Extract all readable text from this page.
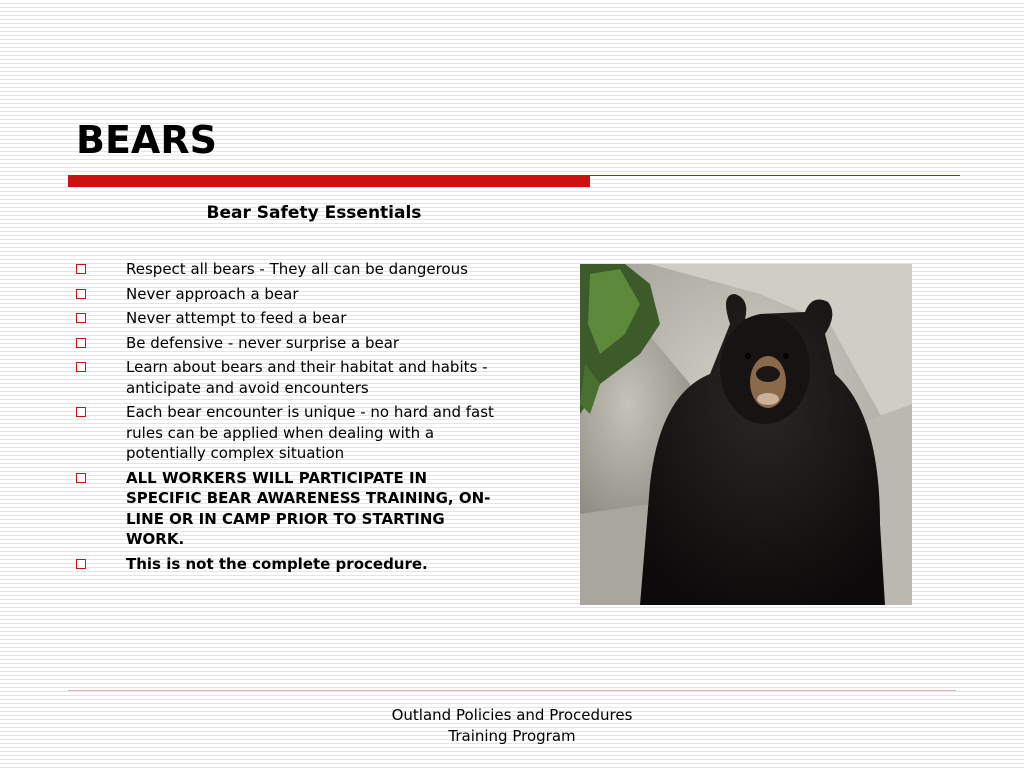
BEARS
Bear Safety Essentials
Respect all bears - They all can be dangerous
Never approach a bear
Never attempt to feed a bear
Be defensive - never surprise a bear
Learn about bears and their habitat and habits - anticipate and avoid encounters
Each bear encounter is unique - no hard and fast rules can be applied when dealing with a potentially complex situation
ALL WORKERS WILL PARTICIPATE IN SPECIFIC BEAR AWARENESS TRAINING, ON-LINE OR IN CAMP PRIOR TO STARTING WORK.
This is not the complete procedure.
Outland Policies and Procedures
Training Program
